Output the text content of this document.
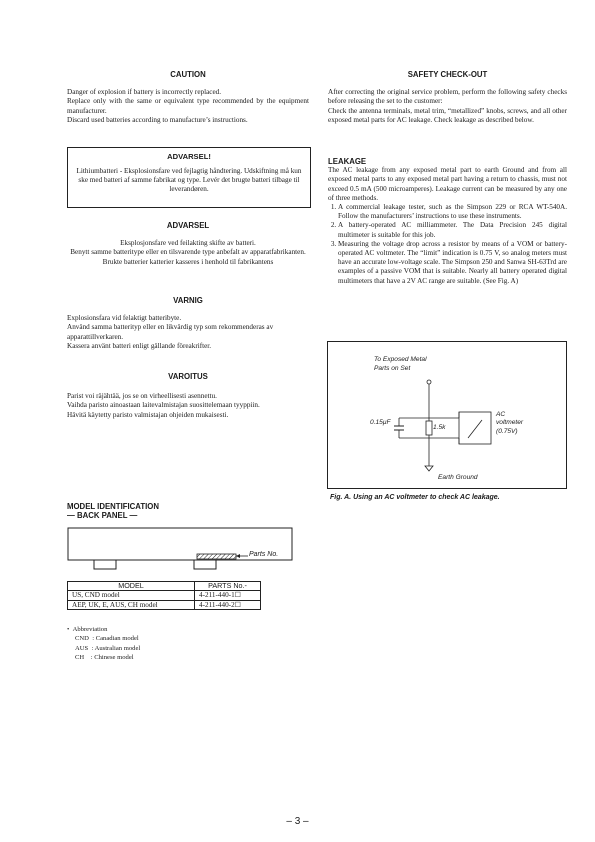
CAUTION

Danger of explosion if battery is incorrectly replaced.

Replace only with the same or equivalent type recommended by the equipment manufacturer.

Discard used batteries according to manufacture’s instructions.

ADVARSEL!

Lithiumbatteri - Eksplosionsfare ved fejlagtig håndtering. Udskiftning må kun ske med batteri af samme fabrikat og type. Levér det brugte batteri tilbage til leverandøren.

ADVARSEL

Eksplosjonsfare ved feilakting skifte av batteri.

Benytt samme batteritype eller en tilsvarende type anbefalt av apparatfabrikanten.

Brukte batterier katterier kasseres i henhold til fabrikantens

VARNIG

Explosionsfara vid felaktigt batteribyte.

Använd samma batterityp eller en likvärdig typ som rekommenderas av apparattillverkaren.

Kassera använt batteri enligt gällande föreakrifter.

VAROITUS

Parist voi räjähtää, jos se on virheellisesti asennettu.

Vaihda paristo ainoastaan laitevalmistajan suosittelemaan tyyppiin.

Hävitä käytetty paristo valmistajan ohjeiden mukaisesti.

MODEL IDENTIFICATION
— BACK PANEL —
Parts No.
MODEL	PARTS No.-
US, CND model	4-211-440-1☐
AEP, UK, E, AUS, CH model	4-211-440-2☐

•  Abbreviation

CND  : Canadian model

AUS  : Australian model

CH    : Chinese model

SAFETY CHECK-OUT

After correcting the original service problem, perform the following safety checks before releasing the set to the customer:

Check the antenna terminals, metal trim, “metallized” knobs, screws, and all other exposed metal parts for AC leakage. Check leakage as described below.

LEAKAGE

The AC leakage from any exposed metal part to earth Ground and from all exposed metal parts to any exposed metal part having a return to chassis, must not exceed 0.5 mA (500 microamperes). Leakage current can be measured by any one of three methods.

1. A commercial leakage tester, such as the Simpson 229 or RCA WT-540A. Follow the manufacturers’ instructions to use these instruments.
2. A battery-operated AC milliammeter. The Data Precision 245 digital multimeter is suitable for this job.
3. Measuring the voltage drop across a resistor by means of a VOM or battery-operated AC voltmeter. The “limit” indication is 0.75 V, so analog meters must have an accurate low-voltage scale. The Simpson 250 and Sanwa SH-63Trd are examples of a passive VOM that is suitable. Nearly all battery operated digital multimeters that have a 2V AC range are suitable. (See Fig. A)
To Exposed Metal
Parts on Set
0.15μF
1.5k
AC
voltmeter
(0.75V)
Earth Ground
Fig. A. Using an AC voltmeter to check AC leakage.
– 3 –
